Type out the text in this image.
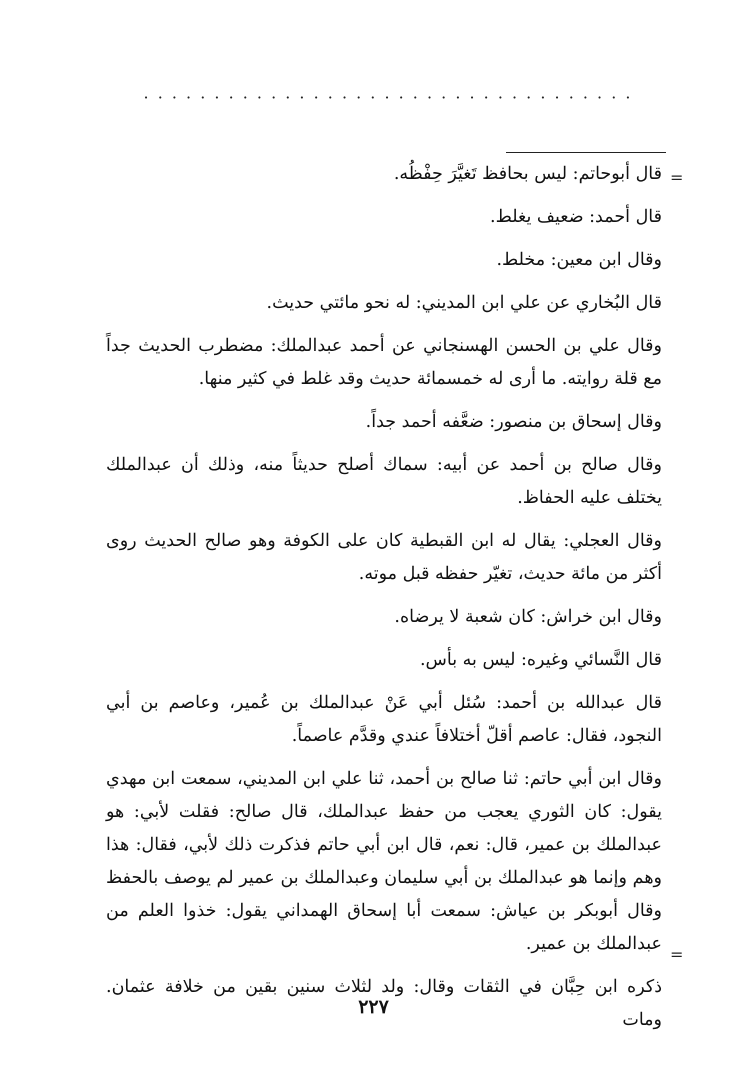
· · · · · · · · · · · · · · · · · · · · · · · · · · · · · · · · · · ·
=

قال أبوحاتم: ليس بحافظ تَغيَّرَ حِفْظُه.

قال أحمد: ضعيف يغلط.

وقال ابن معين: مخلط.

قال البُخاري عن علي ابن المديني: له نحو مائتي حديث.

وقال علي بن الحسن الهسنجاني عن أحمد عبدالملك: مضطرب الحديث جداً مع قلة روايته. ما أرى له خمسمائة حديث وقد غلط في كثير منها.

وقال إسحاق بن منصور: ضعَّفه أحمد جداً.

وقال صالح بن أحمد عن أبيه: سماك أصلح حديثاً منه، وذلك أن عبدالملك يختلف عليه الحفاظ.

وقال العجلي: يقال له ابن القبطية كان على الكوفة وهو صالح الحديث روى أكثر من مائة حديث، تغيّر حفظه قبل موته.

وقال ابن خراش: كان شعبة لا يرضاه.

قال النَّسائي وغيره: ليس به بأس.

قال عبدالله بن أحمد: سُئل أبي عَنْ عبدالملك بن عُمير، وعاصم بن أبي النجود، فقال: عاصم أقلّ أختلافاً عندي وقدَّم عاصماً.

وقال ابن أبي حاتم: ثنا صالح بن أحمد، ثنا علي ابن المديني، سمعت ابن مهدي يقول: كان الثوري يعجب من حفظ عبدالملك، قال صالح: فقلت لأبي: هو عبدالملك بن عمير، قال: نعم، قال ابن أبي حاتم فذكرت ذلك لأبي، فقال: هذا وهم وإنما هو عبدالملك بن أبي سليمان وعبدالملك بن عمير لم يوصف بالحفظ وقال أبوبكر بن عياش: سمعت أبا إسحاق الهمداني يقول: خذوا العلم من عبدالملك بن عمير.

ذكره ابن حِبَّان في الثقات وقال: ولد لثلاث سنين بقين من خلافة عثمان. ومات

=
٢٢٧
